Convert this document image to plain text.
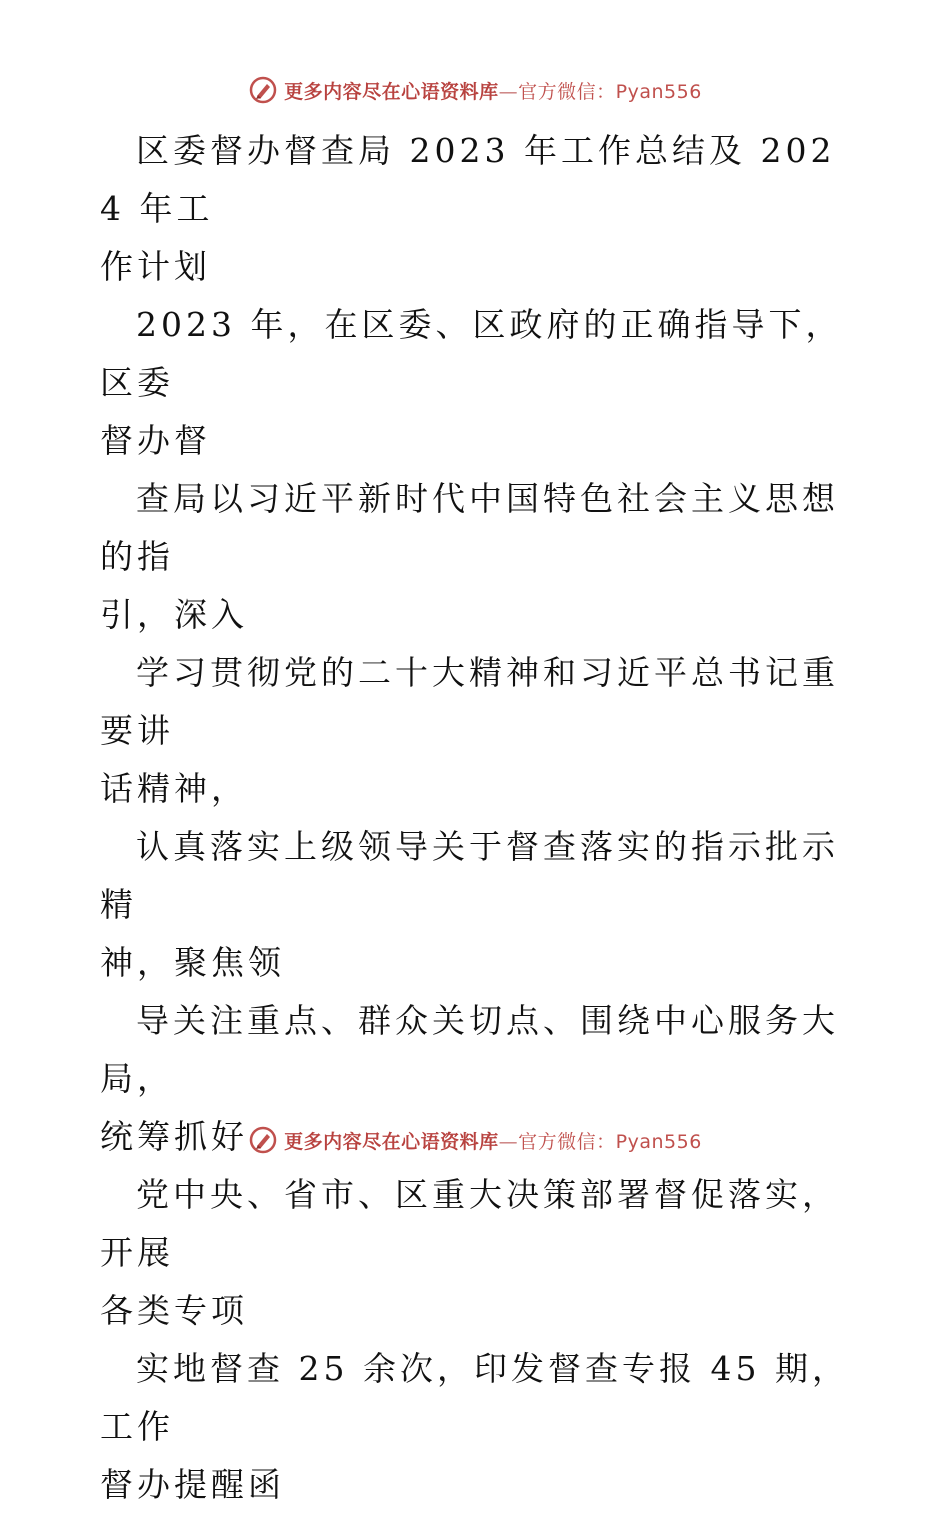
更多内容尽在心语资料库—官方微信：Pyan556

区委督办督查局 2023 年工作总结及 2024 年工
作计划

2023 年，在区委、区政府的正确指导下，区委
督办督

查局以习近平新时代中国特色社会主义思想的指
引，深入

学习贯彻党的二十大精神和习近平总书记重要讲
话精神，

认真落实上级领导关于督查落实的指示批示精
神，聚焦领

导关注重点、群众关切点、围绕中心服务大局，
统筹抓好

党中央、省市、区重大决策部署督促落实，开展
各类专项

实地督查 25 余次，印发督查专报 45 期，工作
督办提醒函

更多内容尽在心语资料库—官方微信：Pyan556
